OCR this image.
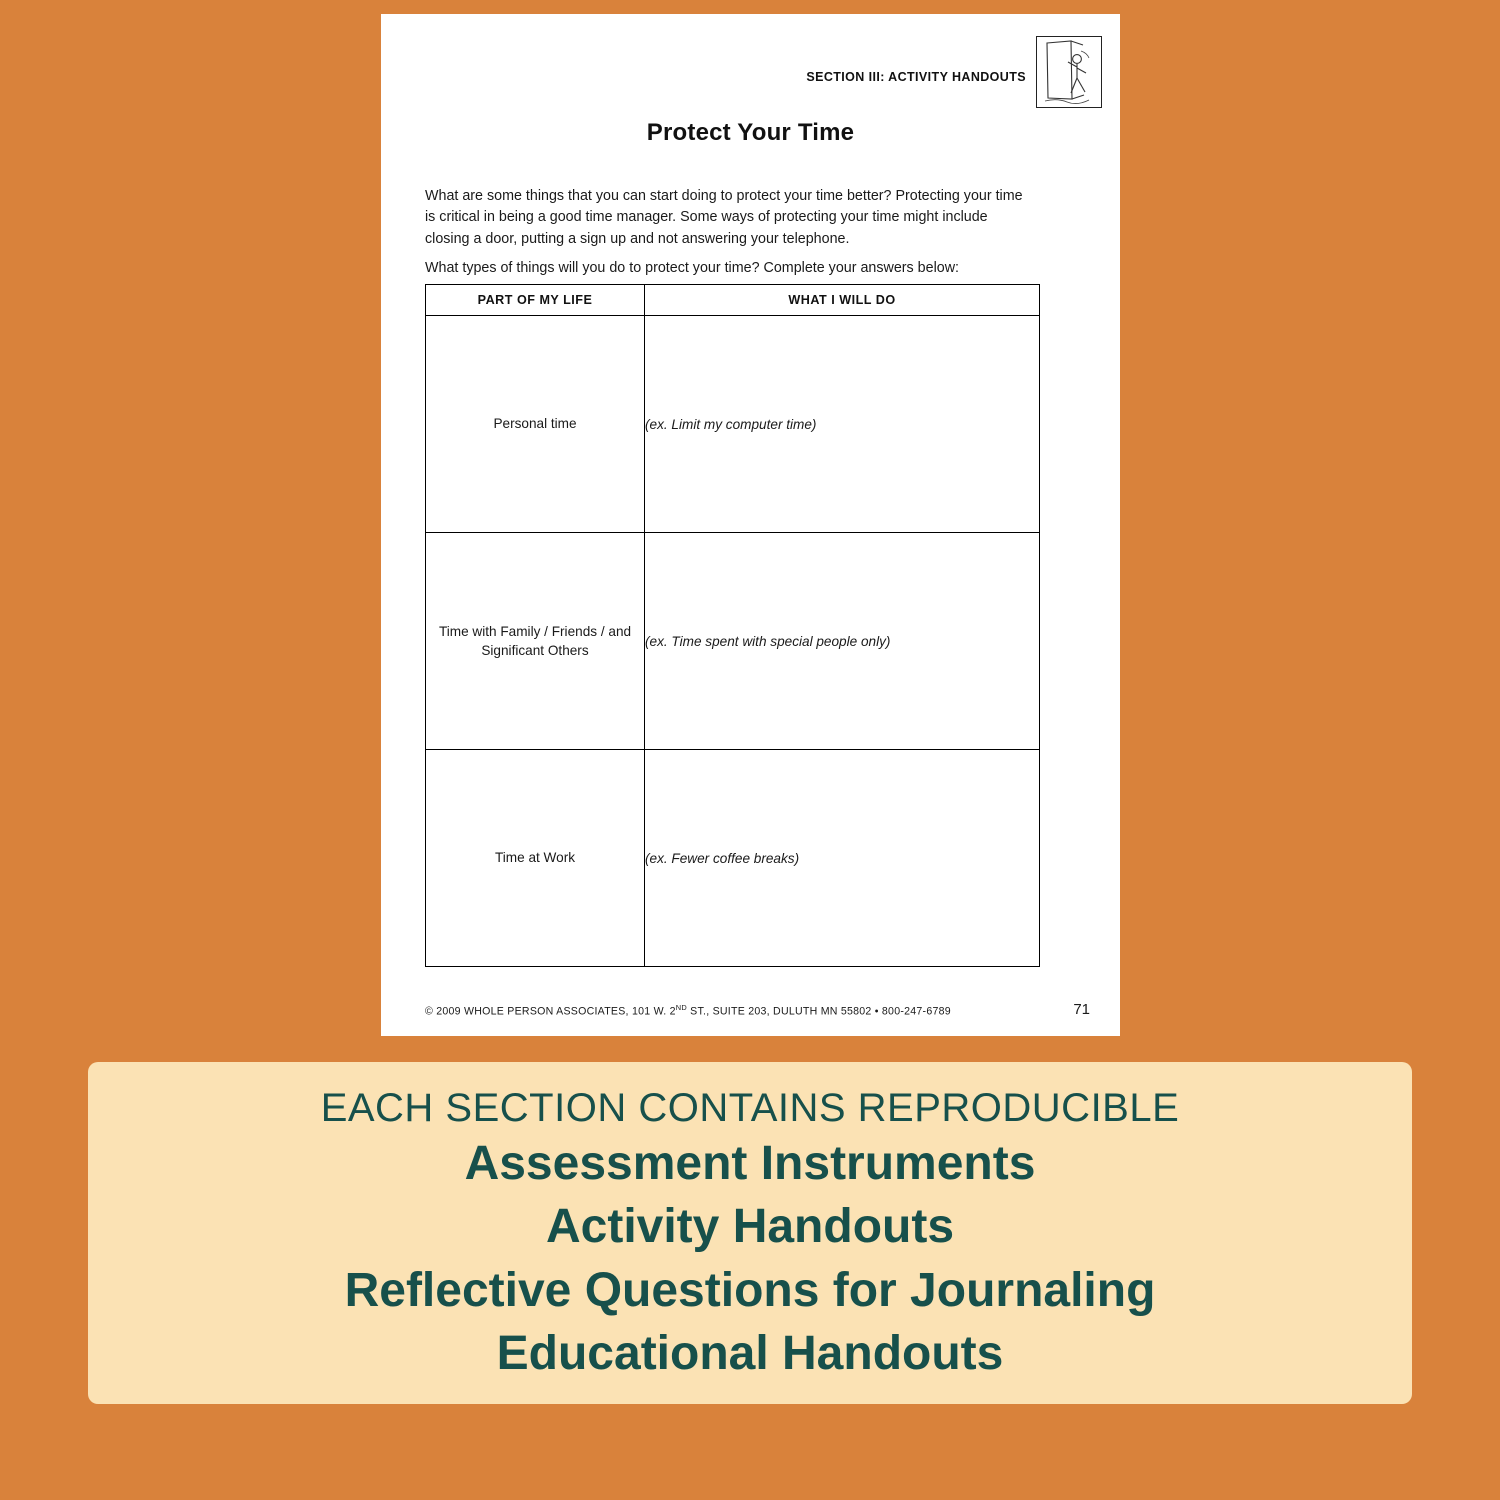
SECTION III: ACTIVITY HANDOUTS
Protect Your Time

What are some things that you can start doing to protect your time better? Protecting your time is critical in being a good time manager. Some ways of protecting your time might include closing a door, putting a sign up and not answering your telephone.

What types of things will you do to protect your time? Complete your answers below:

PART OF MY LIFE	WHAT I WILL DO
Personal time	(ex. Limit my computer time)
Time with Family / Friends / and Significant Others	(ex. Time spent with special people only)
Time at Work	(ex. Fewer coffee breaks)
© 2009 WHOLE PERSON ASSOCIATES, 101 W. 2ND ST., SUITE 203, DULUTH MN 55802 • 800-247-6789	71
EACH SECTION CONTAINS REPRODUCIBLE
Assessment Instruments
Activity Handouts
Reflective Questions for Journaling
Educational Handouts
